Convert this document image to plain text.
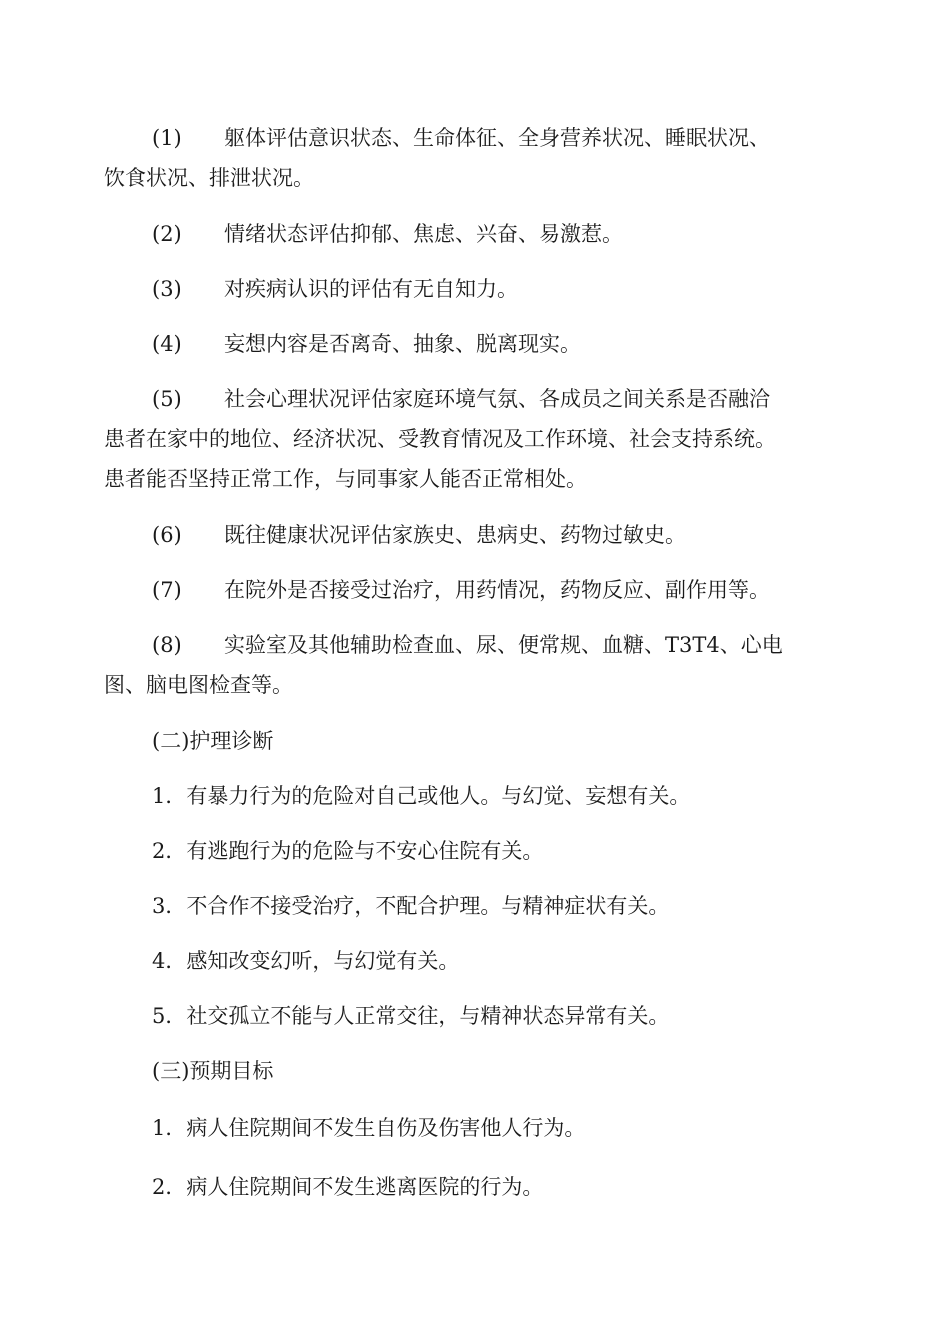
(1) 躯体评估意识状态、生命体征、全身营养状况、睡眠状况、
饮食状况、排泄状况。
(2) 情绪状态评估抑郁、焦虑、兴奋、易激惹。
(3) 对疾病认识的评估有无自知力。
(4) 妄想内容是否离奇、抽象、脱离现实。
(5) 社会心理状况评估家庭环境气氛、各成员之间关系是否融洽
患者在家中的地位、经济状况、受教育情况及工作环境、社会支持系统。
患者能否坚持正常工作，与同事家人能否正常相处。
(6) 既往健康状况评估家族史、患病史、药物过敏史。
(7) 在院外是否接受过治疗，用药情况，药物反应、副作用等。
(8) 实验室及其他辅助检查血、尿、便常规、血糖、T3T4、心电
图、脑电图检查等。
(二)护理诊断
1．有暴力行为的危险对自己或他人。与幻觉、妄想有关。
2．有逃跑行为的危险与不安心住院有关。
3．不合作不接受治疗，不配合护理。与精神症状有关。
4．感知改变幻听，与幻觉有关。
5．社交孤立不能与人正常交往，与精神状态异常有关。
(三)预期目标
1．病人住院期间不发生自伤及伤害他人行为。
2．病人住院期间不发生逃离医院的行为。
